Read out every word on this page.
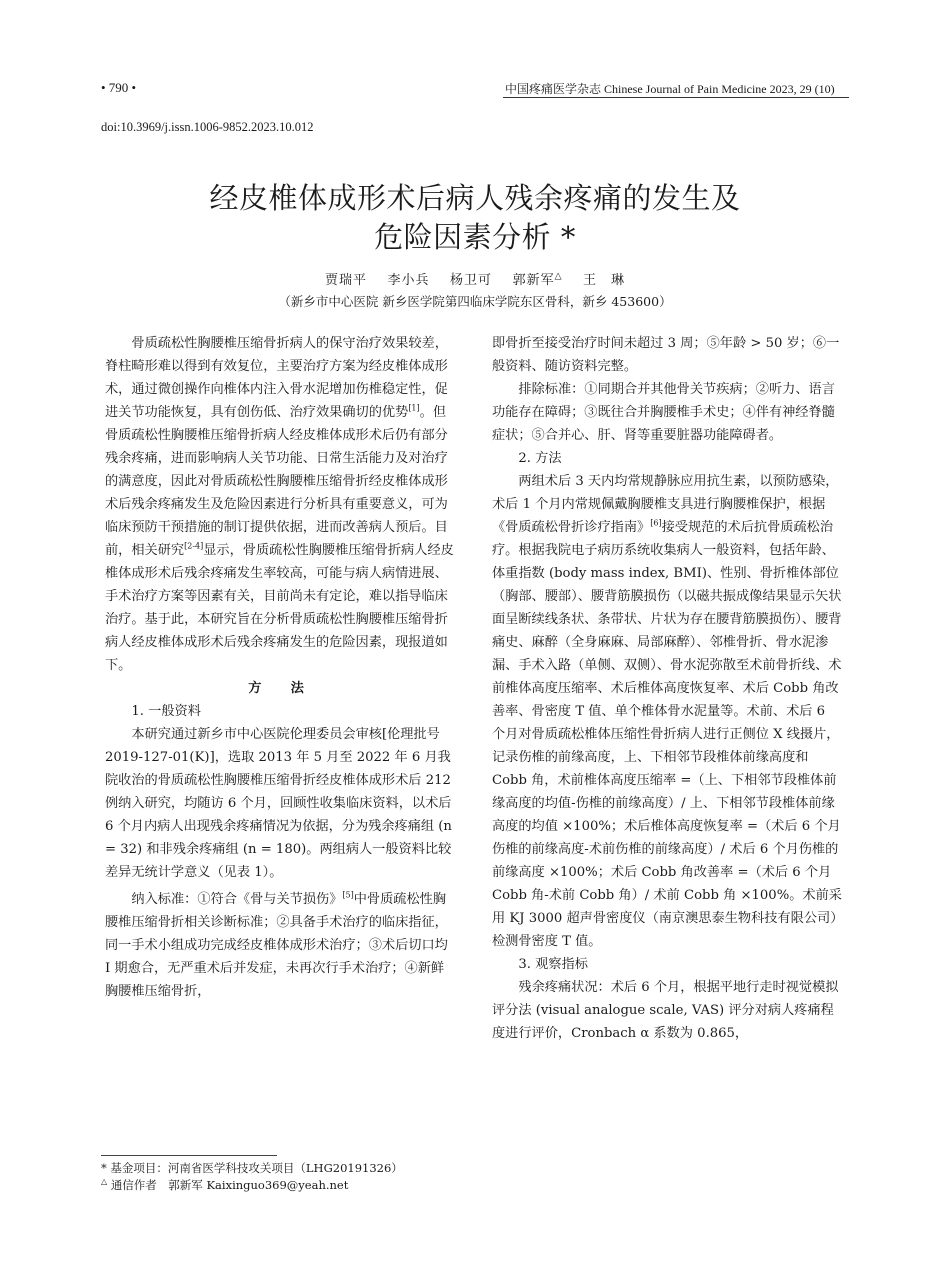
• 790 •	中国疼痛医学杂志 Chinese Journal of Pain Medicine 2023, 29 (10)
doi:10.3969/j.issn.1006-9852.2023.10.012
经皮椎体成形术后病人残余疼痛的发生及
危险因素分析 *
贾瑞平 李小兵 杨卫可 郭新军△ 王　琳
（新乡市中心医院 新乡医学院第四临床学院东区骨科，新乡 453600）

骨质疏松性胸腰椎压缩骨折病人的保守治疗效果较差，脊柱畸形难以得到有效复位，主要治疗方案为经皮椎体成形术，通过微创操作向椎体内注入骨水泥增加伤椎稳定性，促进关节功能恢复，具有创伤低、治疗效果确切的优势[1]。但骨质疏松性胸腰椎压缩骨折病人经皮椎体成形术后仍有部分残余疼痛，进而影响病人关节功能、日常生活能力及对治疗的满意度，因此对骨质疏松性胸腰椎压缩骨折经皮椎体成形术后残余疼痛发生及危险因素进行分析具有重要意义，可为临床预防干预措施的制订提供依据，进而改善病人预后。目前，相关研究[2-4]显示，骨质疏松性胸腰椎压缩骨折病人经皮椎体成形术后残余疼痛发生率较高，可能与病人病情进展、手术治疗方案等因素有关，目前尚未有定论，难以指导临床治疗。基于此，本研究旨在分析骨质疏松性胸腰椎压缩骨折病人经皮椎体成形术后残余疼痛发生的危险因素，现报道如下。

方　法

1. 一般资料

本研究通过新乡市中心医院伦理委员会审核[伦理批号 2019-127-01(K)]，选取 2013 年 5 月至 2022 年 6 月我院收治的骨质疏松性胸腰椎压缩骨折经皮椎体成形术后 212 例纳入研究，均随访 6 个月，回顾性收集临床资料，以术后 6 个月内病人出现残余疼痛情况为依据，分为残余疼痛组 (n = 32) 和非残余疼痛组 (n = 180)。两组病人一般资料比较差异无统计学意义（见表 1）。

纳入标准：①符合《骨与关节损伤》[5]中骨质疏松性胸腰椎压缩骨折相关诊断标准；②具备手术治疗的临床指征，同一手术小组成功完成经皮椎体成形术治疗；③术后切口均 I 期愈合，无严重术后并发症，未再次行手术治疗；④新鲜胸腰椎压缩骨折，

即骨折至接受治疗时间未超过 3 周；⑤年龄 > 50 岁；⑥一般资料、随访资料完整。

排除标准：①同期合并其他骨关节疾病；②听力、语言功能存在障碍；③既往合并胸腰椎手术史；④伴有神经脊髓症状；⑤合并心、肝、肾等重要脏器功能障碍者。

2. 方法

两组术后 3 天内均常规静脉应用抗生素，以预防感染，术后 1 个月内常规佩戴胸腰椎支具进行胸腰椎保护，根据《骨质疏松骨折诊疗指南》[6]接受规范的术后抗骨质疏松治疗。根据我院电子病历系统收集病人一般资料，包括年龄、体重指数 (body mass index, BMI)、性别、骨折椎体部位（胸部、腰部）、腰背筋膜损伤（以磁共振成像结果显示矢状面呈断续线条状、条带状、片状为存在腰背筋膜损伤）、腰背痛史、麻醉（全身麻麻、局部麻醉）、邻椎骨折、骨水泥渗漏、手术入路（单侧、双侧）、骨水泥弥散至术前骨折线、术前椎体高度压缩率、术后椎体高度恢复率、术后 Cobb 角改善率、骨密度 T 值、单个椎体骨水泥量等。术前、术后 6 个月对骨质疏松椎体压缩性骨折病人进行正侧位 X 线摄片，记录伤椎的前缘高度，上、下相邻节段椎体前缘高度和 Cobb 角，术前椎体高度压缩率 =（上、下相邻节段椎体前缘高度的均值-伤椎的前缘高度）/ 上、下相邻节段椎体前缘高度的均值 ×100%；术后椎体高度恢复率 =（术后 6 个月伤椎的前缘高度-术前伤椎的前缘高度）/ 术后 6 个月伤椎的前缘高度 ×100%；术后 Cobb 角改善率 =（术后 6 个月 Cobb 角-术前 Cobb 角）/ 术前 Cobb 角 ×100%。术前采用 KJ 3000 超声骨密度仪（南京澳思泰生物科技有限公司）检测骨密度 T 值。

3. 观察指标

残余疼痛状况：术后 6 个月，根据平地行走时视觉模拟评分法 (visual analogue scale, VAS) 评分对病人疼痛程度进行评价，Cronbach α 系数为 0.865，

* 基金项目：河南省医学科技攻关项目（LHG20191326）
△ 通信作者　郭新军 Kaixinguo369@yeah.net
